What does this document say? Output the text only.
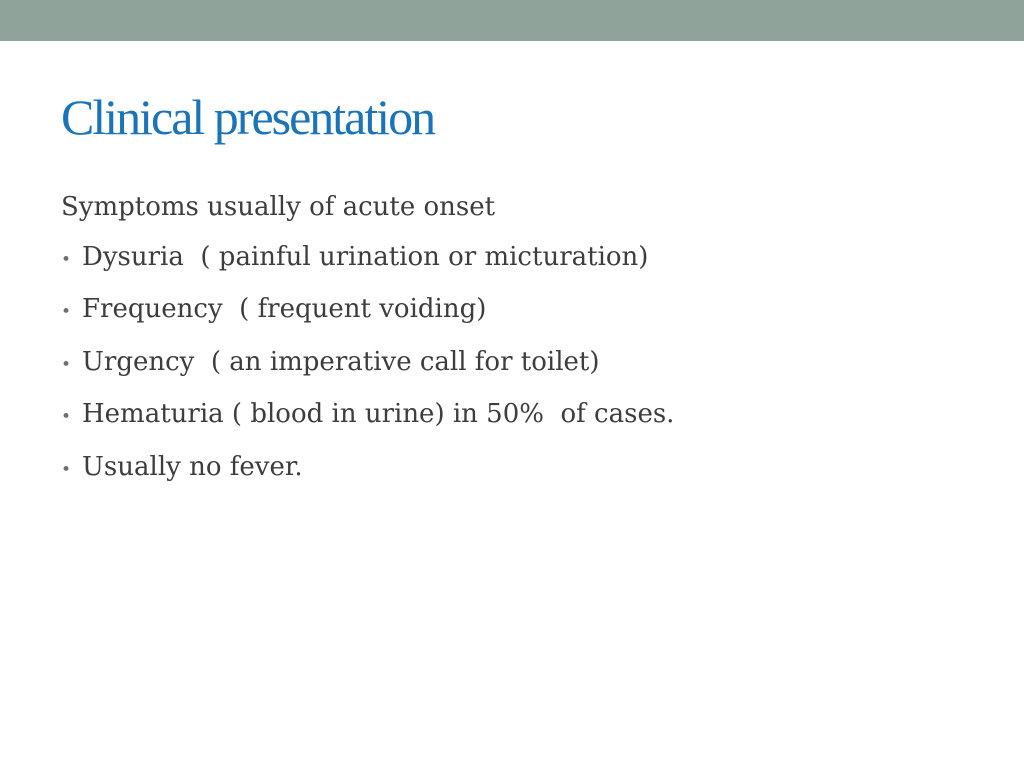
Clinical presentation

Symptoms usually of acute onset

• Dysuria  ( painful urination or micturation)
• Frequency  ( frequent voiding)
• Urgency  ( an imperative call for toilet)
• Hematuria ( blood in urine) in 50%  of cases.
• Usually no fever.
